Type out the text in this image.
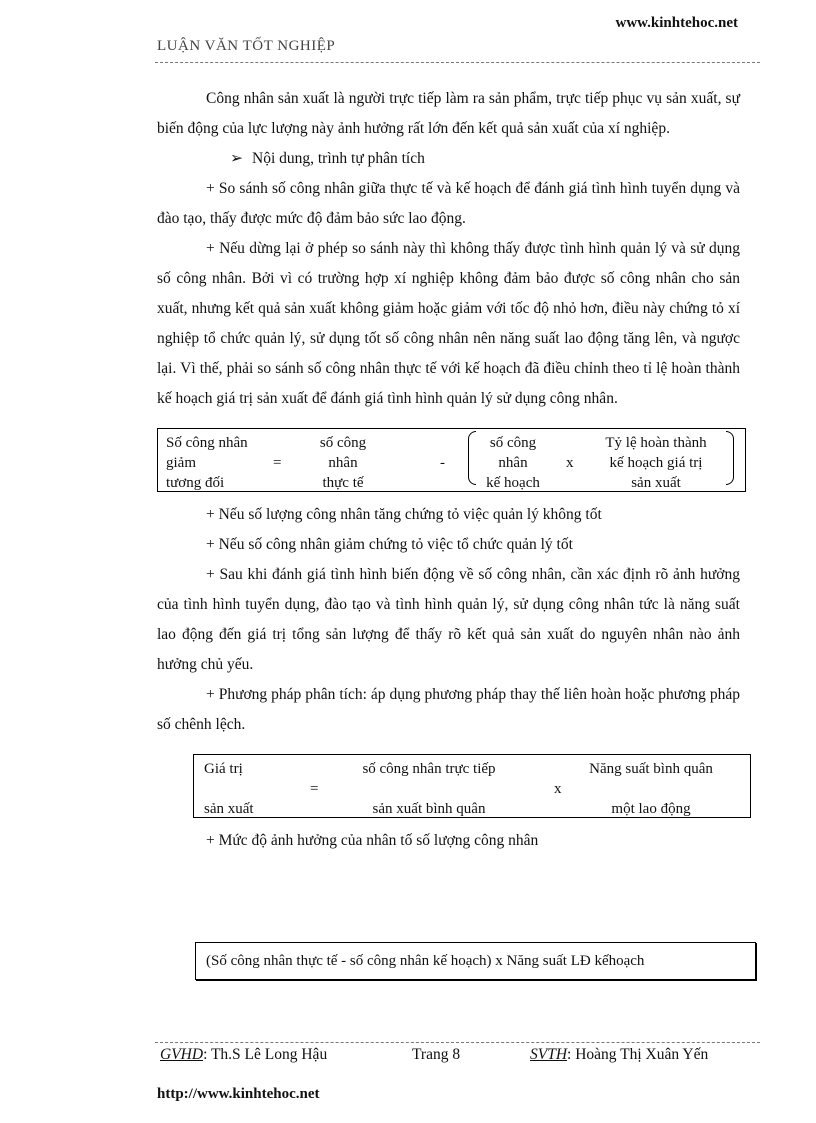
www.kinhtehoc.net
LUẬN VĂN TỐT NGHIỆP

Công nhân sản xuất là người trực tiếp làm ra sản phẩm, trực tiếp phục vụ sản xuất, sự biến động của lực lượng này ảnh hưởng rất lớn đến kết quả sản xuất của xí nghiệp.

➢ Nội dung, trình tự phân tích

+ So sánh số công nhân giữa thực tế và kế hoạch để đánh giá tình hình tuyển dụng và đào tạo, thấy được mức độ đảm bảo sức lao động.

+ Nếu dừng lại ở phép so sánh này thì không thấy được tình hình quản lý và sử dụng số công nhân. Bởi vì có trường hợp xí nghiệp không đảm bảo được số công nhân cho sản xuất, nhưng kết quả sản xuất không giảm hoặc giảm với tốc độ nhỏ hơn, điều này chứng tỏ xí nghiệp tổ chức quản lý, sử dụng tốt số công nhân nên năng suất lao động tăng lên, và ngược lại. Vì thế, phải so sánh số công nhân thực tế với kế hoạch đã điều chỉnh theo tỉ lệ hoàn thành kế hoạch giá trị sản xuất để đánh giá tình hình quản lý sử dụng công nhân.

Số công nhân
giảm
tương đối
=
số công
nhân
thực tế
-
số công
nhân
kế hoạch
x
Tỷ lệ hoàn thành
kế hoạch giá trị
sản xuất

+ Nếu số lượng công nhân tăng chứng tỏ việc quản lý không tốt

+ Nếu số công nhân giảm chứng tỏ việc tổ chức quản lý tốt

+ Sau khi đánh giá tình hình biến động về số công nhân, cần xác định rõ ảnh hưởng của tình hình tuyển dụng, đào tạo và tình hình quản lý, sử dụng công nhân tức là năng suất lao động đến giá trị tổng sản lượng để thấy rõ kết quả sản xuất do nguyên nhân nào ảnh hưởng chủ yếu.

+ Phương pháp phân tích: áp dụng phương pháp thay thế liên hoàn hoặc phương pháp số chênh lệch.

Giá trị
sản xuất
=
số công nhân trực tiếp
sản xuất bình quân
x
Năng suất bình quân
một lao động

+ Mức độ ảnh hưởng của nhân tố số lượng công nhân

(Số công nhân thực tế - số công nhân kế hoạch) x Năng suất LĐ kếhoạch
GVHD: Th.S Lê Long Hậu	Trang 8	SVTH: Hoàng Thị Xuân Yến
http://www.kinhtehoc.net
